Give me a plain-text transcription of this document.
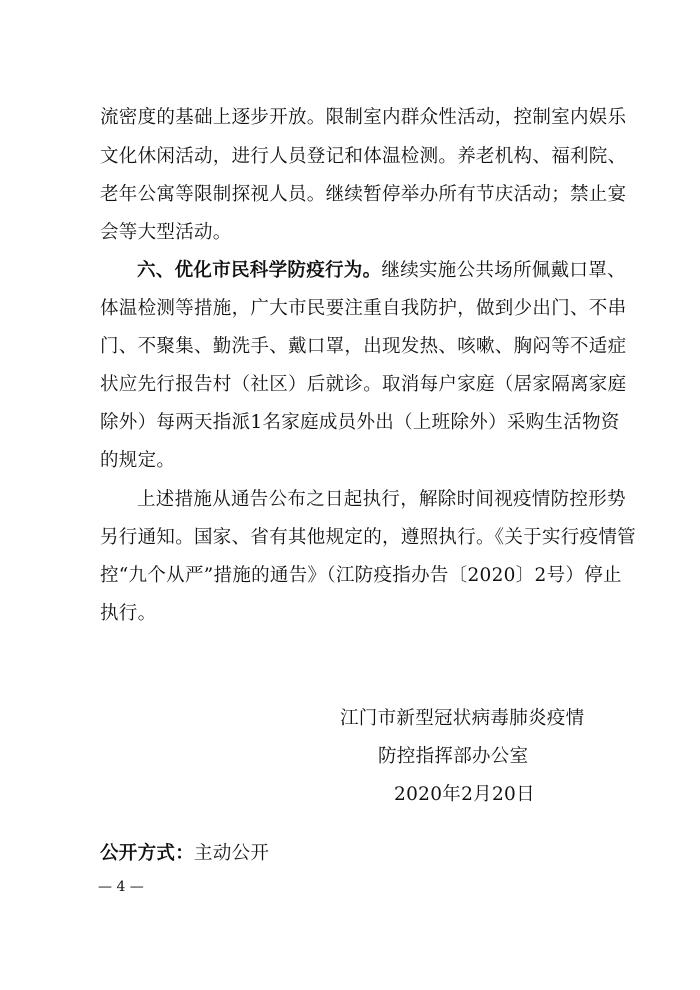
流密度的基础上逐步开放。限制室内群众性活动，控制室内娱乐
文化休闲活动，进行人员登记和体温检测。养老机构、福利院、
老年公寓等限制探视人员。继续暂停举办所有节庆活动；禁止宴
会等大型活动。
六、优化市民科学防疫行为。继续实施公共场所佩戴口罩、
体温检测等措施，广大市民要注重自我防护，做到少出门、不串
门、不聚集、勤洗手、戴口罩，出现发热、咳嗽、胸闷等不适症
状应先行报告村（社区）后就诊。取消每户家庭（居家隔离家庭
除外）每两天指派1名家庭成员外出（上班除外）采购生活物资
的规定。
上述措施从通告公布之日起执行，解除时间视疫情防控形势
另行通知。国家、省有其他规定的，遵照执行。《关于实行疫情管
控“九个从严”措施的通告》（江防疫指办告〔2020〕2号）停止
执行。
江门市新型冠状病毒肺炎疫情
防控指挥部办公室
2020年2月20日
公开方式：主动公开
— 4 —
